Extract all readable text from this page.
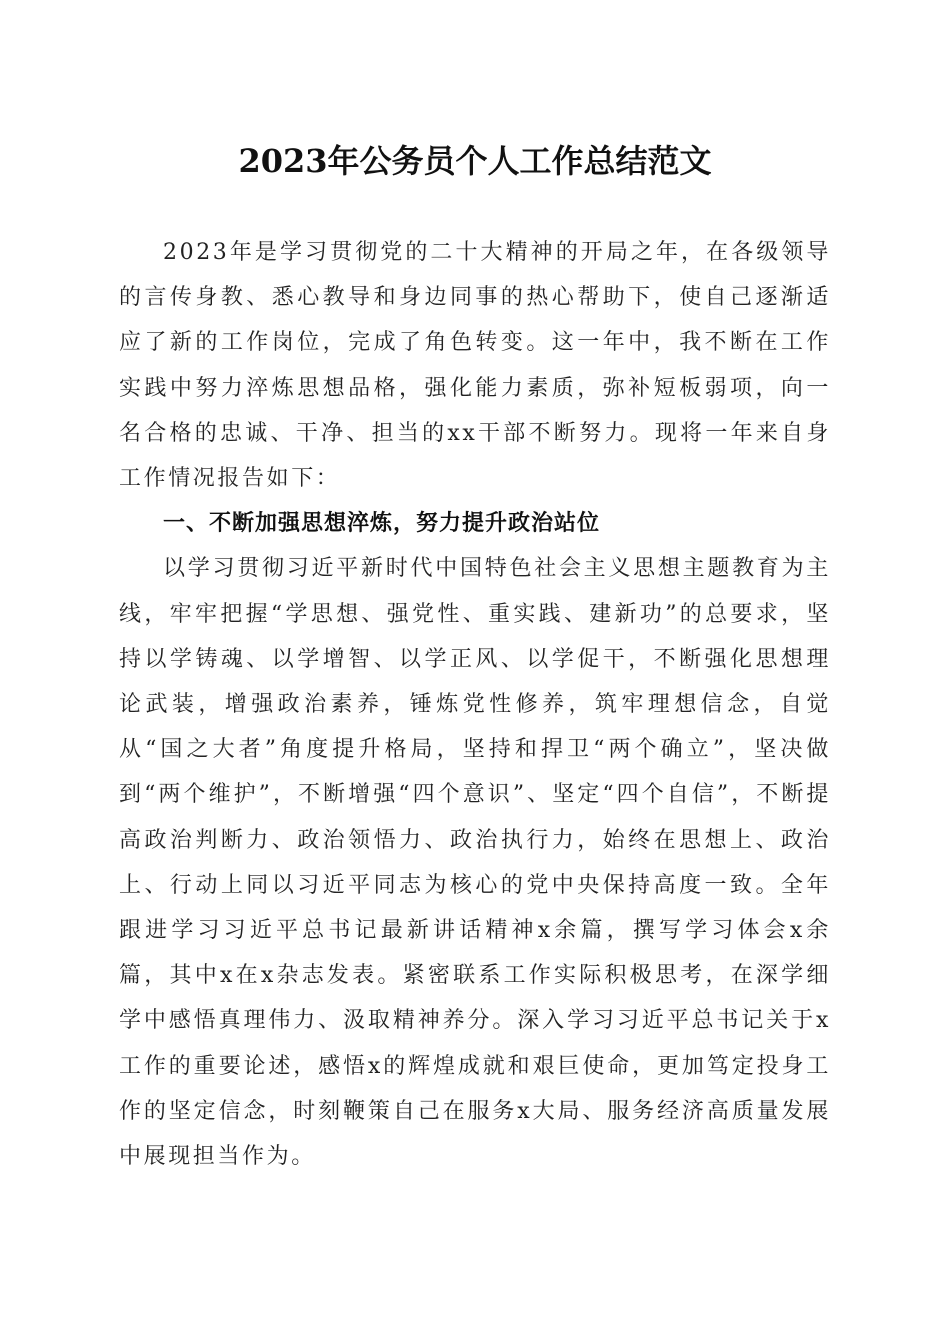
2023年公务员个人工作总结范文

2023年是学习贯彻党的二十大精神的开局之年，在各级领导的言传身教、悉心教导和身边同事的热心帮助下，使自己逐渐适应了新的工作岗位，完成了角色转变。这一年中，我不断在工作实践中努力淬炼思想品格，强化能力素质，弥补短板弱项，向一名合格的忠诚、干净、担当的xx干部不断努力。现将一年来自身工作情况报告如下：

一、不断加强思想淬炼，努力提升政治站位

以学习贯彻习近平新时代中国特色社会主义思想主题教育为主线，牢牢把握“学思想、强党性、重实践、建新功”的总要求，坚持以学铸魂、以学增智、以学正风、以学促干，不断强化思想理论武装，增强政治素养，锤炼党性修养，筑牢理想信念，自觉从“国之大者”角度提升格局，坚持和捍卫“两个确立”，坚决做到“两个维护”，不断增强“四个意识”、坚定“四个自信”，不断提高政治判断力、政治领悟力、政治执行力，始终在思想上、政治上、行动上同以习近平同志为核心的党中央保持高度一致。全年跟进学习习近平总书记最新讲话精神x余篇，撰写学习体会x余篇，其中x在x杂志发表。紧密联系工作实际积极思考，在深学细学中感悟真理伟力、汲取精神养分。深入学习习近平总书记关于x工作的重要论述，感悟x的辉煌成就和艰巨使命，更加笃定投身工作的坚定信念，时刻鞭策自己在服务x大局、服务经济高质量发展中展现担当作为。
